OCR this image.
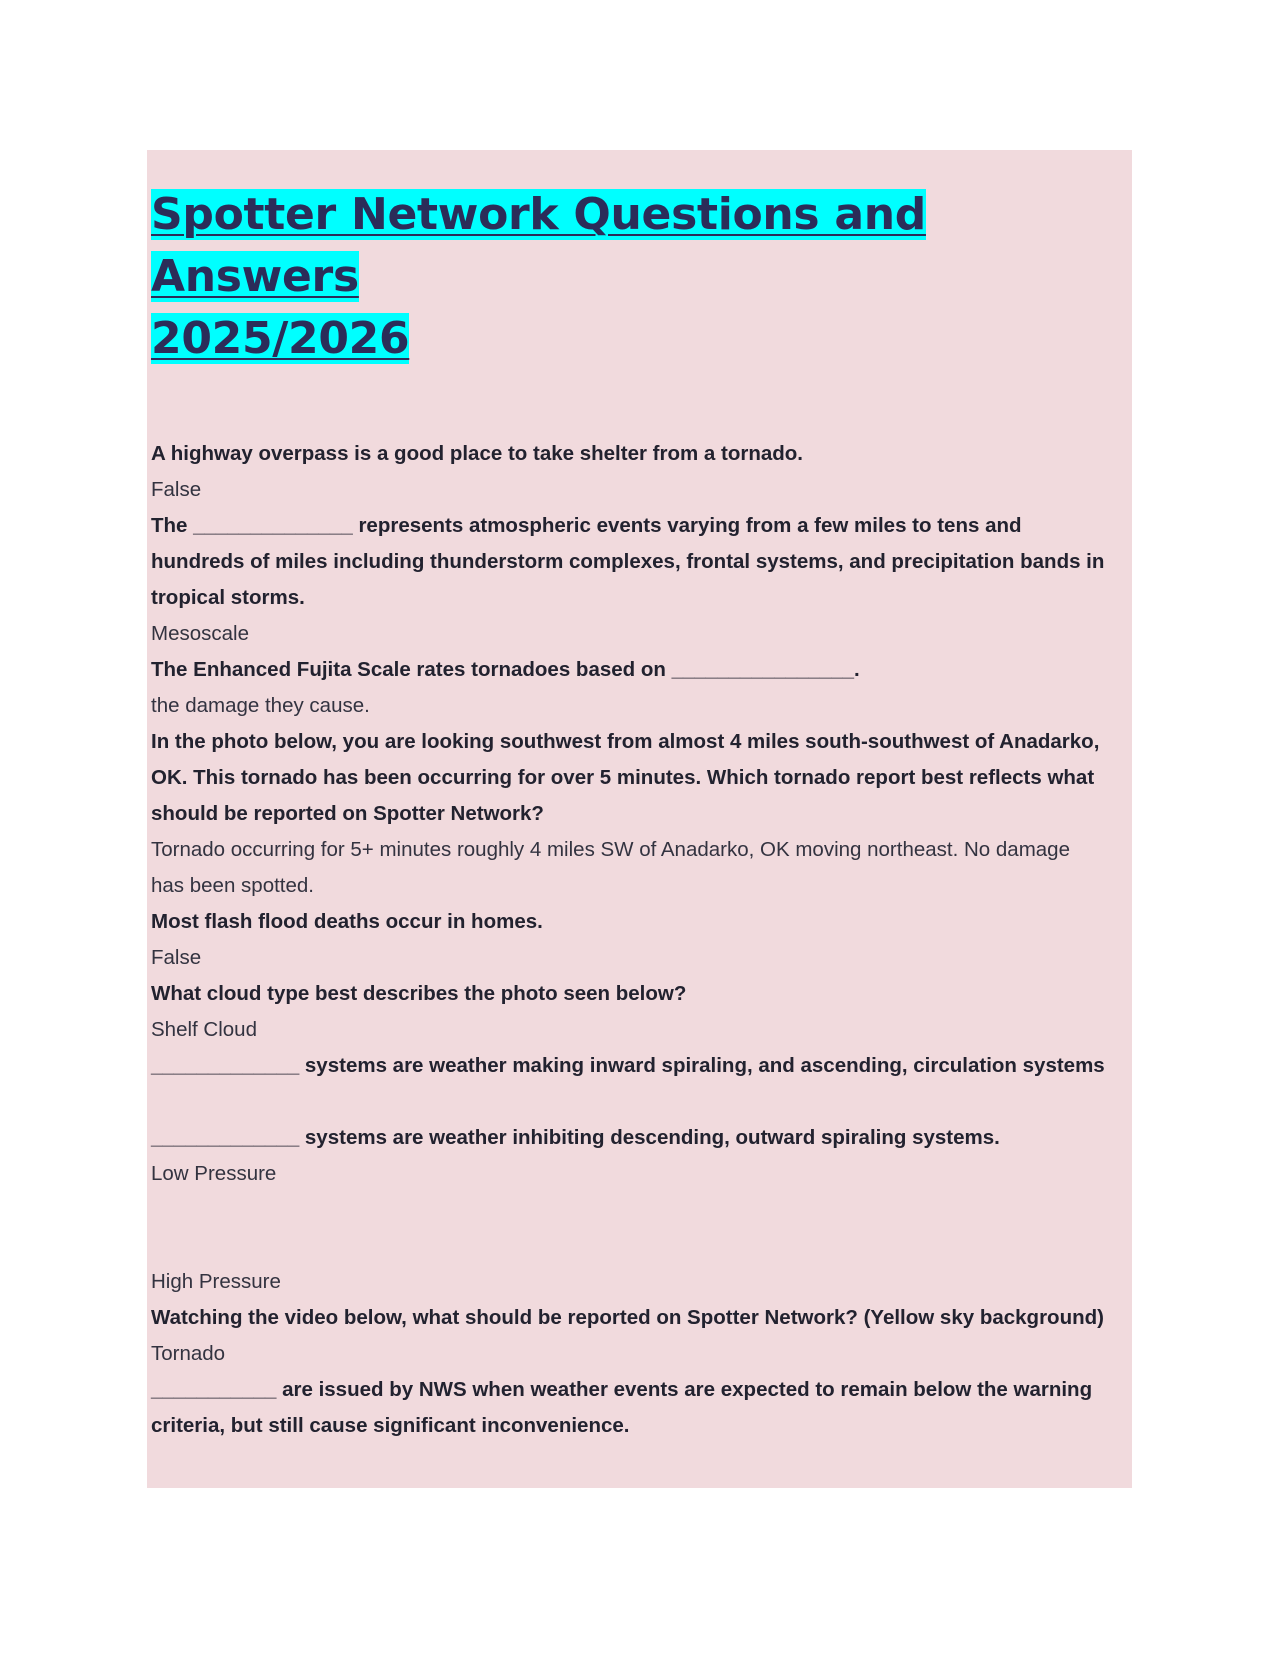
Spotter Network Questions and Answers
2025/2026

A highway overpass is a good place to take shelter from a tornado.

False

The ______________ represents atmospheric events varying from a few miles to tens and

hundreds of miles including thunderstorm complexes, frontal systems, and precipitation bands in

tropical storms.

Mesoscale

The Enhanced Fujita Scale rates tornadoes based on ________________.

the damage they cause.

In the photo below, you are looking southwest from almost 4 miles south-southwest of Anadarko,

OK. This tornado has been occurring for over 5 minutes. Which tornado report best reflects what

should be reported on Spotter Network?

Tornado occurring for 5+ minutes roughly 4 miles SW of Anadarko, OK moving northeast. No damage

has been spotted.

Most flash flood deaths occur in homes.

False

What cloud type best describes the photo seen below?

Shelf Cloud

_____________ systems are weather making inward spiraling, and ascending, circulation systems

_____________ systems are weather inhibiting descending, outward spiraling systems.

Low Pressure

High Pressure

Watching the video below, what should be reported on Spotter Network? (Yellow sky background)

Tornado

___________ are issued by NWS when weather events are expected to remain below the warning

criteria, but still cause significant inconvenience.
